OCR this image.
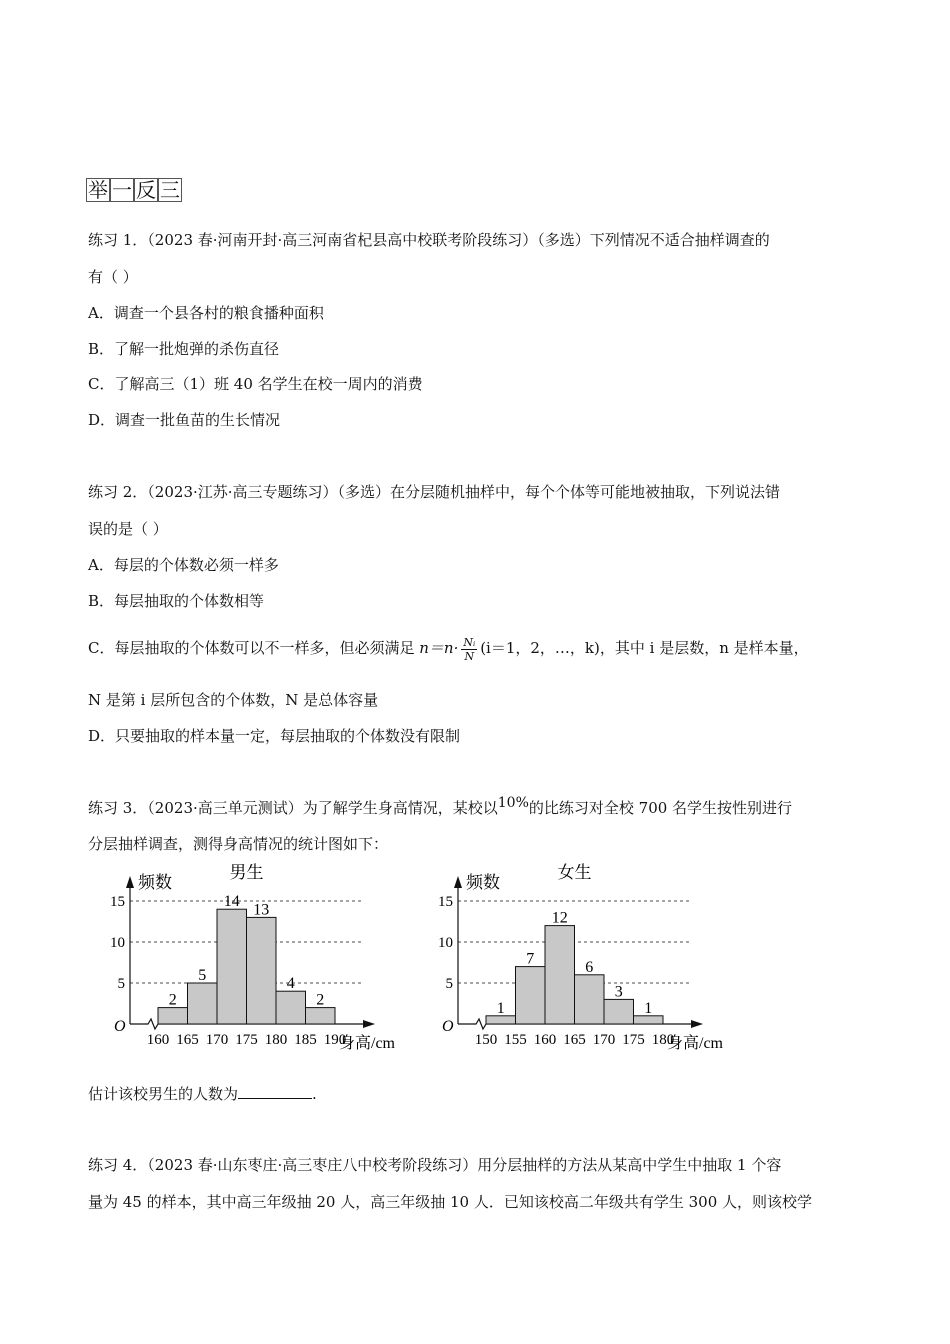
举 一 反 三
练习 1．（2023 春·河南开封·高三河南省杞县高中校联考阶段练习）（多选）下列情况不适合抽样调查的
有（ ）
A．调查一个县各村的粮食播种面积
B．了解一批炮弹的杀伤直径
C．了解高三（1）班 40 名学生在校一周内的消费
D．调查一批鱼苗的生长情况
练习 2．（2023·江苏·高三专题练习）（多选）在分层随机抽样中，每个个体等可能地被抽取，下列说法错
误的是（ ）
A．每层的个体数必须一样多
B．每层抽取的个体数相等
C．每层抽取的个体数可以不一样多，但必须满足 $n=n\cdot \frac{\text{Nᵢ}}{N} (i=1$，2，…，k)，其中 i 是层数，n 是样本量，
N 是第 i 层所包含的个体数，N 是总体容量
D．只要抽取的样本量一定，每层抽取的个体数没有限制
练习 3．（2023·高三单元测试）为了解学生身高情况，某校以10%的比练习对全校 700 名学生按性别进行
分层抽样调查，测得身高情况的统计图如下：
频数
男生
O
身高/cm
5
10
15
2
5
14 13
4
2
160 165 170 175 180 185 190
频数
女生
O
身高/cm
5
10
15
1
7
12
6
3
1
150 155 160 165 170 175 180
估计该校男生的人数为	.
练习 4．（2023 春·山东枣庄·高三枣庄八中校考阶段练习）用分层抽样的方法从某高中学生中抽取 1 个容
量为 45 的样本，其中高三年级抽 20 人，高三年级抽 10 人．已知该校高二年级共有学生 300 人，则该校学
